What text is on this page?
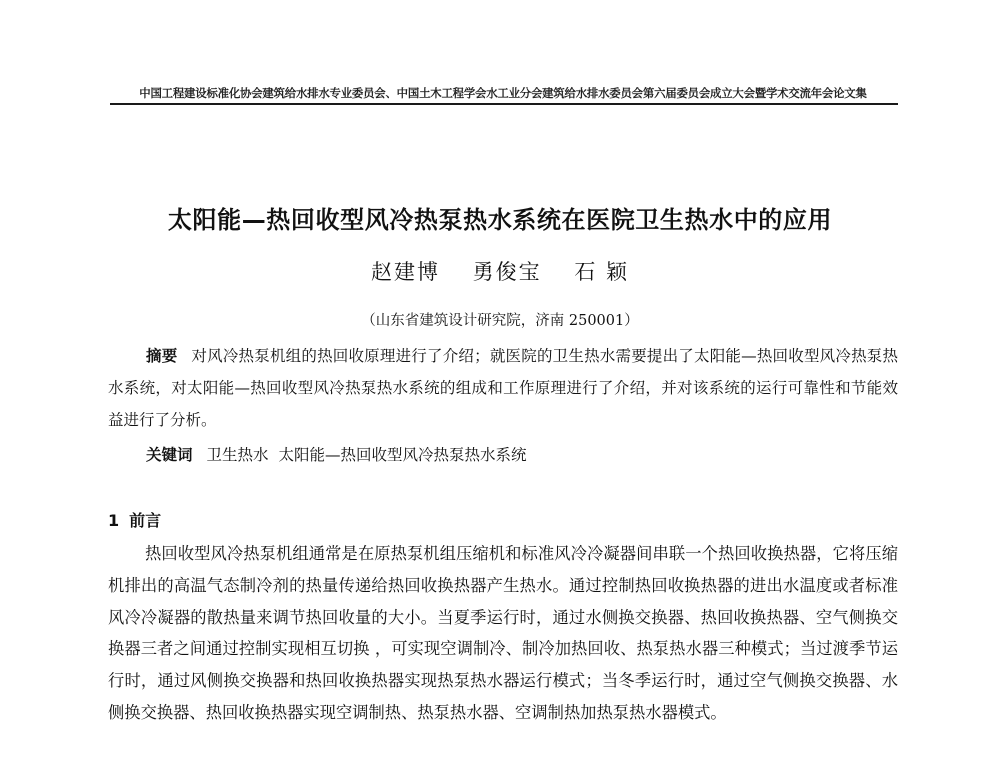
中国工程建设标准化协会建筑给水排水专业委员会、中国土木工程学会水工业分会建筑给水排水委员会第六届委员会成立大会暨学术交流年会论文集
太阳能—热回收型风冷热泵热水系统在医院卫生热水中的应用
赵建博 勇俊宝 石 颖
（山东省建筑设计研究院，济南 250001）
摘要 对风冷热泵机组的热回收原理进行了介绍；就医院的卫生热水需要提出了太阳能—热回收型风冷热泵热水系统，对太阳能—热回收型风冷热泵热水系统的组成和工作原理进行了介绍，并对该系统的运行可靠性和节能效益进行了分析。
关键词 卫生热水 太阳能—热回收型风冷热泵热水系统
1 前言
热回收型风冷热泵机组通常是在原热泵机组压缩机和标准风冷冷凝器间串联一个热回收换热器，它将压缩机排出的高温气态制冷剂的热量传递给热回收换热器产生热水。通过控制热回收换热器的进出水温度或者标准风冷冷凝器的散热量来调节热回收量的大小。当夏季运行时，通过水侧换交换器、热回收换热器、空气侧换交换器三者之间通过控制实现相互切换 ，可实现空调制冷、制冷加热回收、热泵热水器三种模式；当过渡季节运行时，通过风侧换交换器和热回收换热器实现热泵热水器运行模式；当冬季运行时，通过空气侧换交换器、水侧换交换器、热回收换热器实现空调制热、热泵热水器、空调制热加热泵热水器模式。
